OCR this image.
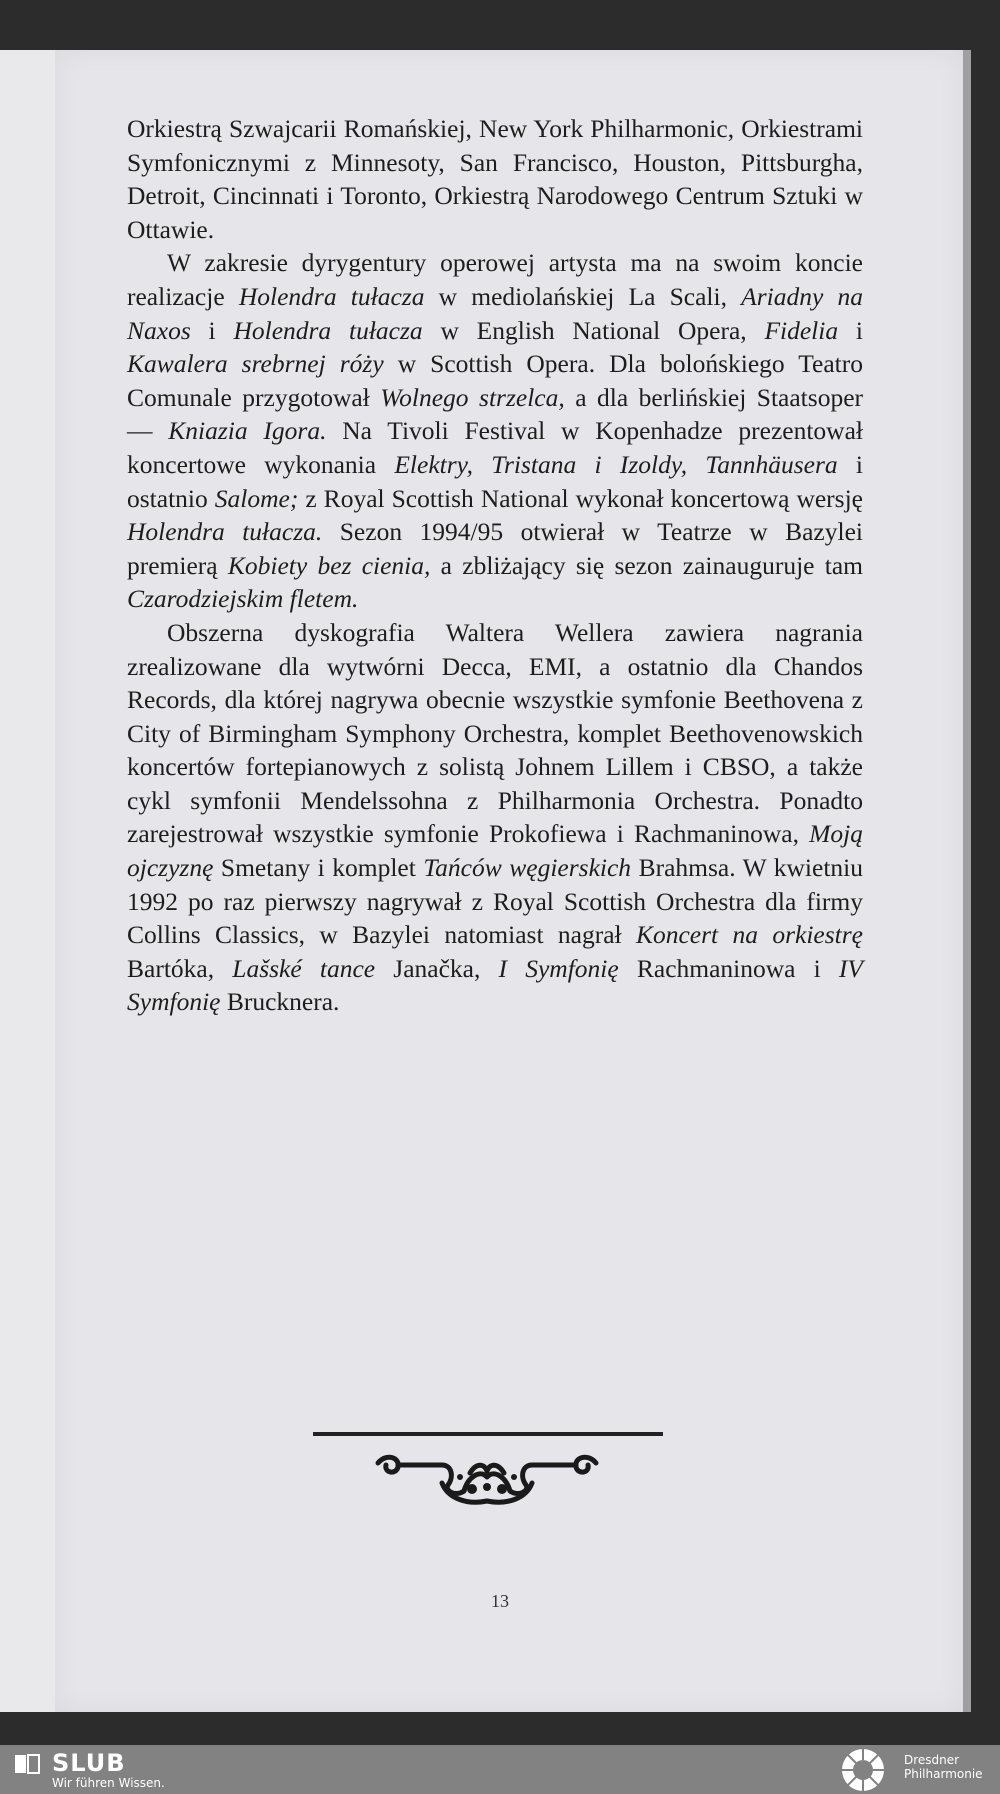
Orkiestrą Szwajcarii Romańskiej, New York Philharmonic, Orkiestrami Symfonicznymi z Minnesoty, San Francisco, Houston, Pittsburgha, Detroit, Cincinnati i Toronto, Orkiestrą Narodowego Centrum Sztuki w Ottawie.

W zakresie dyrygentury operowej artysta ma na swoim koncie realizacje Holendra tułacza w mediolańskiej La Scali, Ariadny na Naxos i Holendra tułacza w English National Opera, Fidelia i Kawalera srebrnej róży w Scottish Opera. Dla bolońskiego Teatro Comunale przygotował Wolnego strzelca, a dla berlińskiej Staatsoper — Kniazia Igora. Na Tivoli Festival w Kopenhadze prezentował koncertowe wykonania Elektry, Tristana i Izoldy, Tannhäusera i ostatnio Salome; z Royal Scottish National wykonał koncertową wersję Holendra tułacza. Sezon 1994/95 otwierał w Teatrze w Bazylei premierą Kobiety bez cienia, a zbliżający się sezon zainauguruje tam Czarodziejskim fletem.

Obszerna dyskografia Waltera Wellera zawiera nagrania zrealizowane dla wytwórni Decca, EMI, a ostatnio dla Chandos Records, dla której nagrywa obecnie wszystkie symfonie Beethovena z City of Birmingham Symphony Orchestra, komplet Beethovenowskich koncertów fortepianowych z solistą Johnem Lillem i CBSO, a także cykl symfonii Mendelssohna z Philharmonia Orchestra. Ponadto zarejestrował wszystkie symfonie Prokofiewa i Rachmaninowa, Moją ojczyznę Smetany i komplet Tańców węgierskich Brahmsa. W kwietniu 1992 po raz pierwszy nagrywał z Royal Scottish Orchestra dla firmy Collins Classics, w Bazylei natomiast nagrał Koncert na orkiestrę Bartóka, Lašské tance Janačka, I Symfonię Rachmaninowa i IV Symfonię Brucknera.

13
SLUB
Wir führen Wissen.
Dresdner
Philharmonie
